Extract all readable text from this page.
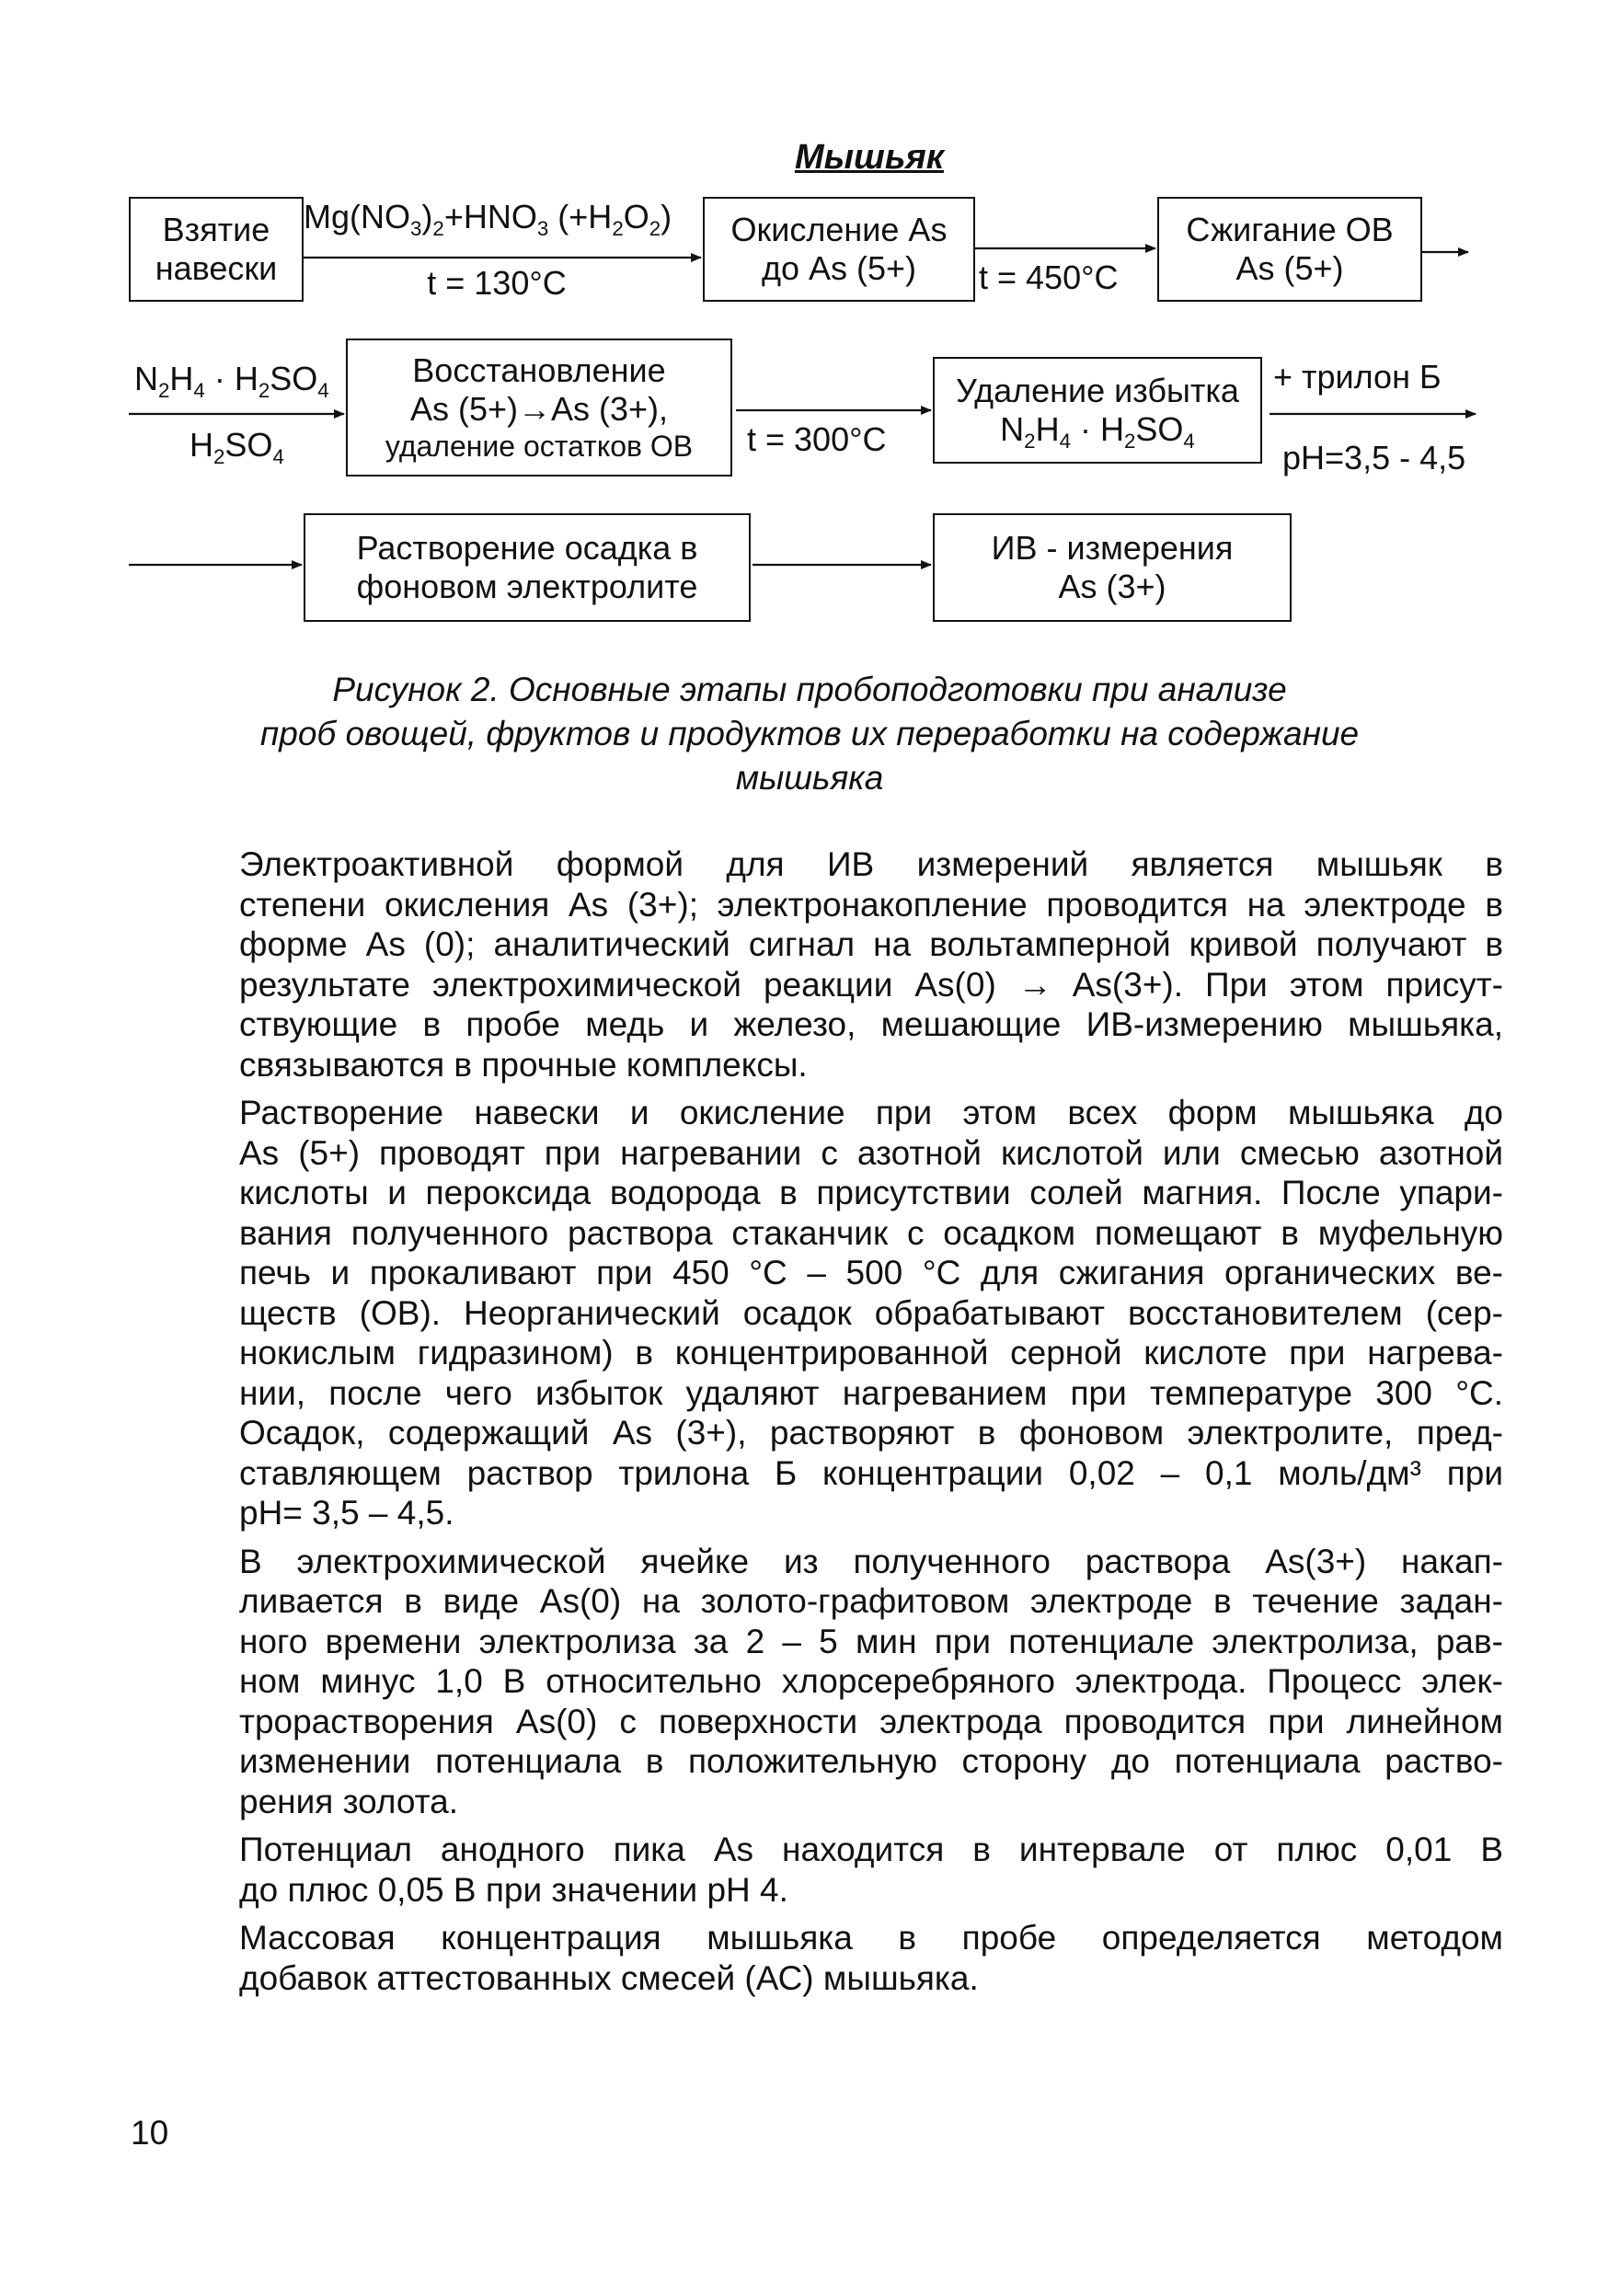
Мышьяк
Взятие
навески
$Mg(NO_3)_2+HNO_3$ $(+H_2O_2)$
t = 130°C
Окисление As
до As (5+) t = 450°C
Сжигание ОВ
As (5+)
$N_2H_4 \cdot H_2SO_4$
$H_2SO_4$
Восстановление
As (5+)→As (3+),
удаление остатков ОВ t = 300°C
Удаление избытка
$N_2H_4 \cdot H_2SO_4$
+ трилон Б
pH=3,5 - 4,5
Растворение осадка в
фоновом электролите
ИВ - измерения
As (3+)
Рисунок 2. Основные этапы пробоподготовки при анализе
проб овощей, фруктов и продуктов их переработки на содержание
мышьяка

Электроактивной формой для ИВ измерений является мышьяк в
степени окисления As (3+); электронакопление проводится на электроде в
форме As (0); аналитический сигнал на вольтамперной кривой получают в
результате электрохимической реакции As(0) → As(3+). При этом присут-
ствующие в пробе медь и железо, мешающие ИВ-измерению мышьяка,
связываются в прочные комплексы.

Растворение навески и окисление при этом всех форм мышьяка до
As (5+) проводят при нагревании с азотной кислотой или смесью азотной
кислоты и пероксида водорода в присутствии солей магния. После упари-
вания полученного раствора стаканчик с осадком помещают в муфельную
печь и прокаливают при 450 °С – 500 °С для сжигания органических ве-
ществ (ОВ). Неорганический осадок обрабатывают восстановителем (сер-
нокислым гидразином) в концентрированной серной кислоте при нагрева-
нии, после чего избыток удаляют нагреванием при температуре 300 °С.
Осадок, содержащий As (3+), растворяют в фоновом электролите, пред-
ставляющем раствор трилона Б концентрации 0,02 – 0,1 моль/дм³ при
рН= 3,5 – 4,5.

В электрохимической ячейке из полученного раствора As(3+) накап-
ливается в виде As(0) на золото-графитовом электроде в течение задан-
ного времени электролиза за 2 – 5 мин при потенциале электролиза, рав-
ном минус 1,0 В относительно хлорсеребряного электрода. Процесс элек-
трорастворения As(0) с поверхности электрода проводится при линейном
изменении потенциала в положительную сторону до потенциала раство-
рения золота.

Потенциал анодного пика As находится в интервале от плюс 0,01 В
до плюс 0,05 В при значении рН 4.

Массовая концентрация мышьяка в пробе определяется методом
добавок аттестованных смесей (АС) мышьяка.

10
